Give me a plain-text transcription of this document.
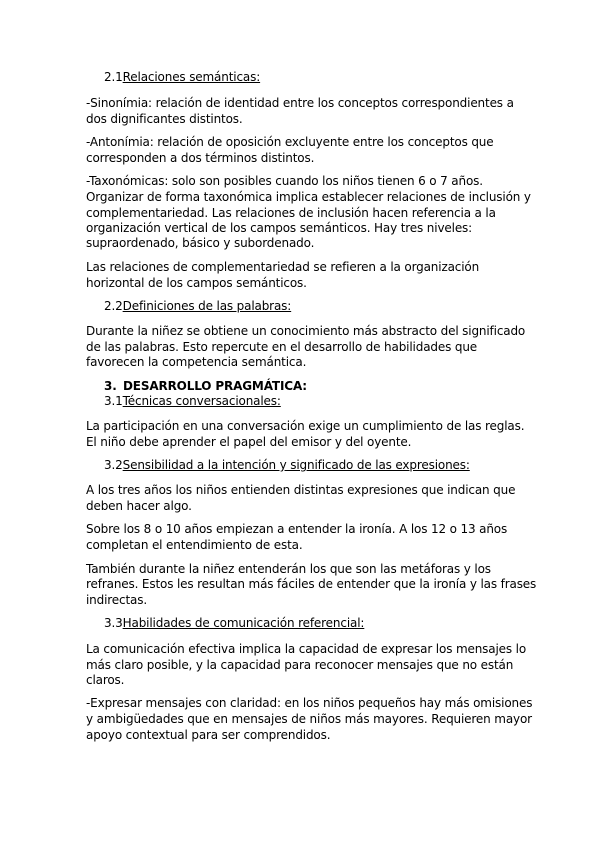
2.1Relaciones semánticas:
-Sinonímia: relación de identidad entre los conceptos correspondientes a
dos dignificantes distintos.
-Antonímia: relación de oposición excluyente entre los conceptos que
corresponden a dos términos distintos.
-Taxonómicas: solo son posibles cuando los niños tienen 6 o 7 años.
Organizar de forma taxonómica implica establecer relaciones de inclusión y
complementariedad. Las relaciones de inclusión hacen referencia a la
organización vertical de los campos semánticos. Hay tres niveles:
supraordenado, básico y subordenado.
Las relaciones de complementariedad se refieren a la organización
horizontal de los campos semánticos.
2.2Definiciones de las palabras:
Durante la niñez se obtiene un conocimiento más abstracto del significado
de las palabras. Esto repercute en el desarrollo de habilidades que
favorecen la competencia semántica.
3. DESARROLLO PRAGMÁTICA:
3.1Técnicas conversacionales:
La participación en una conversación exige un cumplimiento de las reglas.
El niño debe aprender el papel del emisor y del oyente.
3.2Sensibilidad a la intención y significado de las expresiones:
A los tres años los niños entienden distintas expresiones que indican que
deben hacer algo.
Sobre los 8 o 10 años empiezan a entender la ironía. A los 12 o 13 años
completan el entendimiento de esta.
También durante la niñez entenderán los que son las metáforas y los
refranes. Estos les resultan más fáciles de entender que la ironía y las frases
indirectas.
3.3Habilidades de comunicación referencial:
La comunicación efectiva implica la capacidad de expresar los mensajes lo
más claro posible, y la capacidad para reconocer mensajes que no están
claros.
-Expresar mensajes con claridad: en los niños pequeños hay más omisiones
y ambigüedades que en mensajes de niños más mayores. Requieren mayor
apoyo contextual para ser comprendidos.
